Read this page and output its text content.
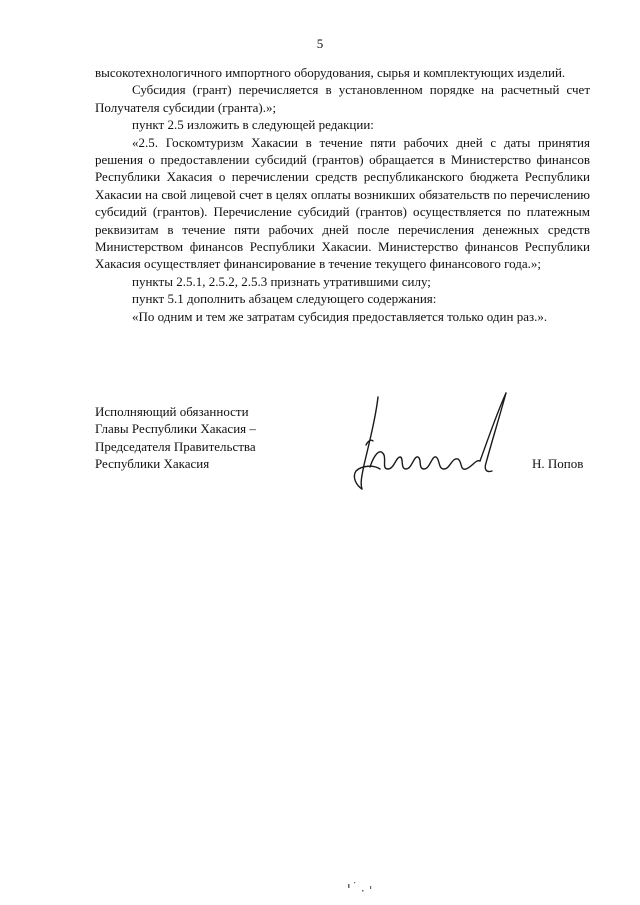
5

высокотехнологичного импортного оборудования, сырья и комплектующих изделий.

Субсидия (грант) перечисляется в установленном порядке на расчетный счет Получателя субсидии (гранта).»;

пункт 2.5 изложить в следующей редакции:

«2.5. Госкомтуризм Хакасии в течение пяти рабочих дней с даты принятия решения о предоставлении субсидий (грантов) обращается в Министерство финансов Республики Хакасия о перечислении средств республиканского бюджета Республики Хакасии на свой лицевой счет в целях оплаты возникших обязательств по перечислению субсидий (грантов). Перечисление субсидий (грантов) осуществляется по платежным реквизитам в течение пяти рабочих дней после перечисления денежных средств Министерством финансов Республики Хакасии. Министерство финансов Республики Хакасия осуществляет финансирование в течение текущего финансового года.»;

пункты 2.5.1, 2.5.2, 2.5.3 признать утратившими силу;

пункт 5.1 дополнить абзацем следующего содержания:

«По одним и тем же затратам субсидия предоставляется только один раз.».

Исполняющий обязанности
Главы Республики Хакасия –
Председателя Правительства
Республики Хакасия	Н. Попов
